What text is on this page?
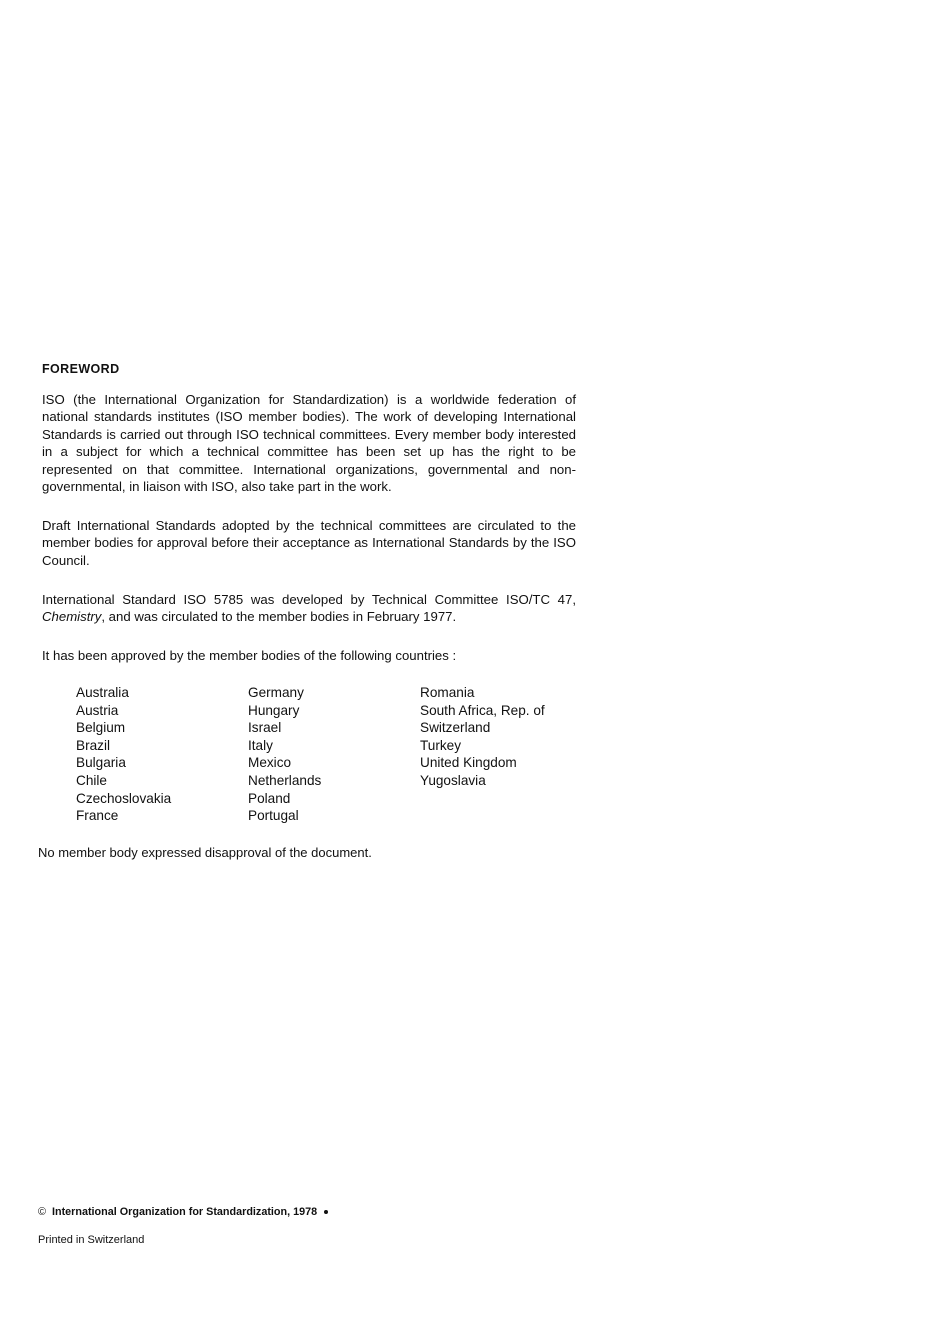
FOREWORD

ISO (the International Organization for Standardization) is a worldwide federation of national standards institutes (ISO member bodies). The work of developing International Standards is carried out through ISO technical committees. Every member body interested in a subject for which a technical committee has been set up has the right to be represented on that committee. International organizations, governmental and non-governmental, in liaison with ISO, also take part in the work.

Draft International Standards adopted by the technical committees are circulated to the member bodies for approval before their acceptance as International Standards by the ISO Council.

International Standard ISO 5785 was developed by Technical Committee ISO/TC 47, Chemistry, and was circulated to the member bodies in February 1977.

It has been approved by the member bodies of the following countries :

Australia
Austria
Belgium
Brazil
Bulgaria
Chile
Czechoslovakia
France
Germany
Hungary
Israel
Italy
Mexico
Netherlands
Poland
Portugal
Romania
South Africa, Rep. of
Switzerland
Turkey
United Kingdom
Yugoslavia

No member body expressed disapproval of the document.

© International Organization for Standardization, 1978
Printed in Switzerland
